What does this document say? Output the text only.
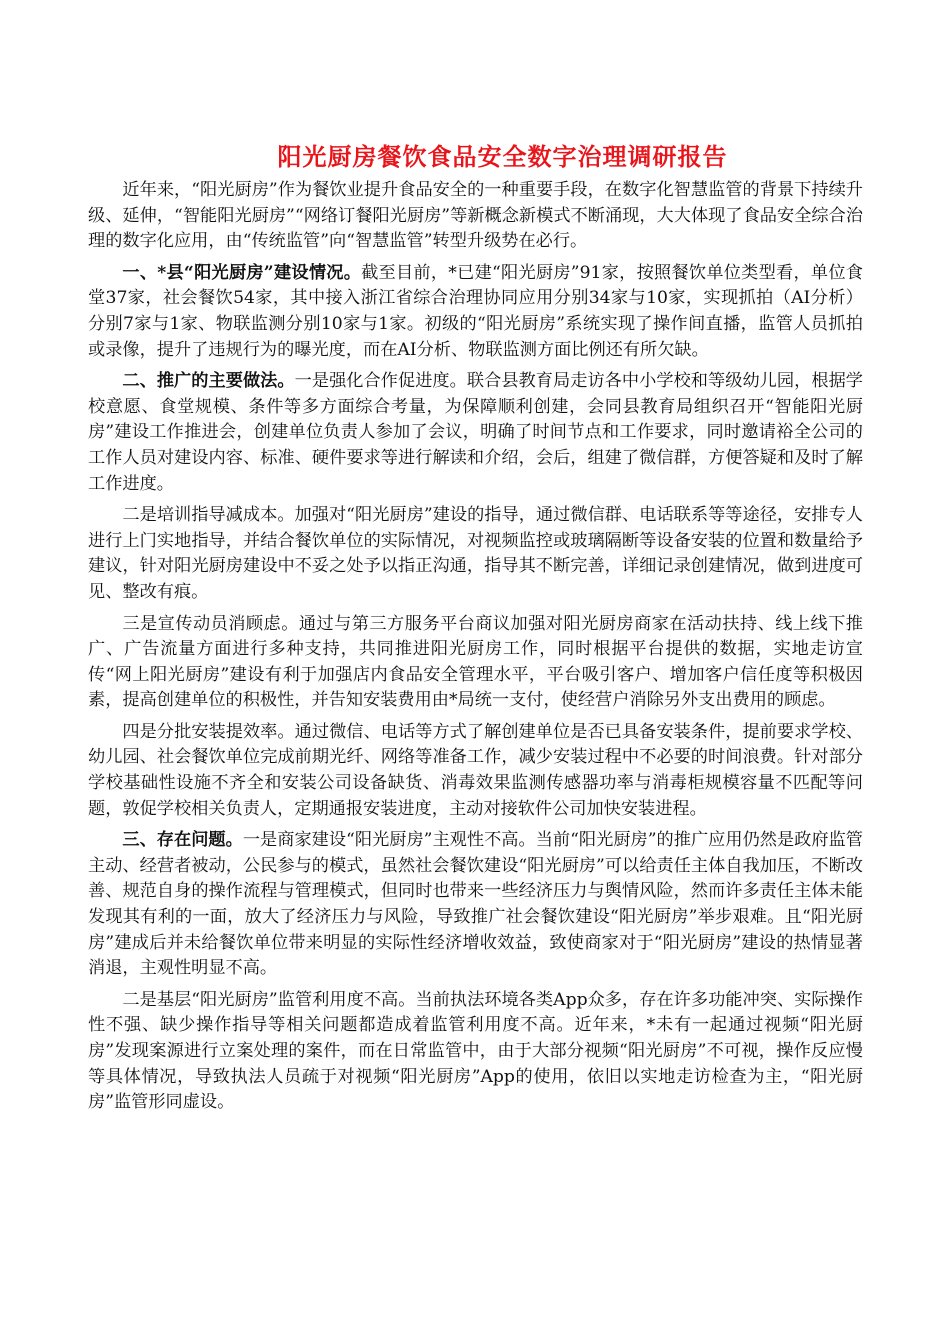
阳光厨房餐饮食品安全数字治理调研报告

近年来，“阳光厨房”作为餐饮业提升食品安全的一种重要手段，在数字化智慧监管的背景下持续升级、延伸，“智能阳光厨房”“网络订餐阳光厨房”等新概念新模式不断涌现，大大体现了食品安全综合治理的数字化应用，由“传统监管”向“智慧监管”转型升级势在必行。

一、*县“阳光厨房”建设情况。截至目前，*已建“阳光厨房”91家，按照餐饮单位类型看，单位食堂37家，社会餐饮54家，其中接入浙江省综合治理协同应用分别34家与10家，实现抓拍（AI分析）分别7家与1家、物联监测分别10家与1家。初级的“阳光厨房”系统实现了操作间直播，监管人员抓拍或录像，提升了违规行为的曝光度，而在AI分析、物联监测方面比例还有所欠缺。

二、推广的主要做法。一是强化合作促进度。联合县教育局走访各中小学校和等级幼儿园，根据学校意愿、食堂规模、条件等多方面综合考量，为保障顺利创建，会同县教育局组织召开“智能阳光厨房”建设工作推进会，创建单位负责人参加了会议，明确了时间节点和工作要求，同时邀请裕全公司的工作人员对建设内容、标准、硬件要求等进行解读和介绍，会后，组建了微信群，方便答疑和及时了解工作进度。

二是培训指导减成本。加强对“阳光厨房”建设的指导，通过微信群、电话联系等等途径，安排专人进行上门实地指导，并结合餐饮单位的实际情况，对视频监控或玻璃隔断等设备安装的位置和数量给予建议，针对阳光厨房建设中不妥之处予以指正沟通，指导其不断完善，详细记录创建情况，做到进度可见、整改有痕。

三是宣传动员消顾虑。通过与第三方服务平台商议加强对阳光厨房商家在活动扶持、线上线下推广、广告流量方面进行多种支持，共同推进阳光厨房工作，同时根据平台提供的数据，实地走访宣传“网上阳光厨房”建设有利于加强店内食品安全管理水平，平台吸引客户、增加客户信任度等积极因素，提高创建单位的积极性，并告知安装费用由*局统一支付，使经营户消除另外支出费用的顾虑。

四是分批安装提效率。通过微信、电话等方式了解创建单位是否已具备安装条件，提前要求学校、幼儿园、社会餐饮单位完成前期光纤、网络等准备工作，减少安装过程中不必要的时间浪费。针对部分学校基础性设施不齐全和安装公司设备缺货、消毒效果监测传感器功率与消毒柜规模容量不匹配等问题，敦促学校相关负责人，定期通报安装进度，主动对接软件公司加快安装进程。

三、存在问题。一是商家建设“阳光厨房”主观性不高。当前“阳光厨房”的推广应用仍然是政府监管主动、经营者被动，公民参与的模式，虽然社会餐饮建设“阳光厨房”可以给责任主体自我加压，不断改善、规范自身的操作流程与管理模式，但同时也带来一些经济压力与舆情风险，然而许多责任主体未能发现其有利的一面，放大了经济压力与风险，导致推广社会餐饮建设“阳光厨房”举步艰难。且“阳光厨房”建成后并未给餐饮单位带来明显的实际性经济增收效益，致使商家对于“阳光厨房”建设的热情显著消退，主观性明显不高。

二是基层“阳光厨房”监管利用度不高。当前执法环境各类App众多，存在许多功能冲突、实际操作性不强、缺少操作指导等相关问题都造成着监管利用度不高。近年来，*未有一起通过视频“阳光厨房”发现案源进行立案处理的案件，而在日常监管中，由于大部分视频“阳光厨房”不可视，操作反应慢等具体情况，导致执法人员疏于对视频“阳光厨房”App的使用，依旧以实地走访检查为主，“阳光厨房”监管形同虚设。
